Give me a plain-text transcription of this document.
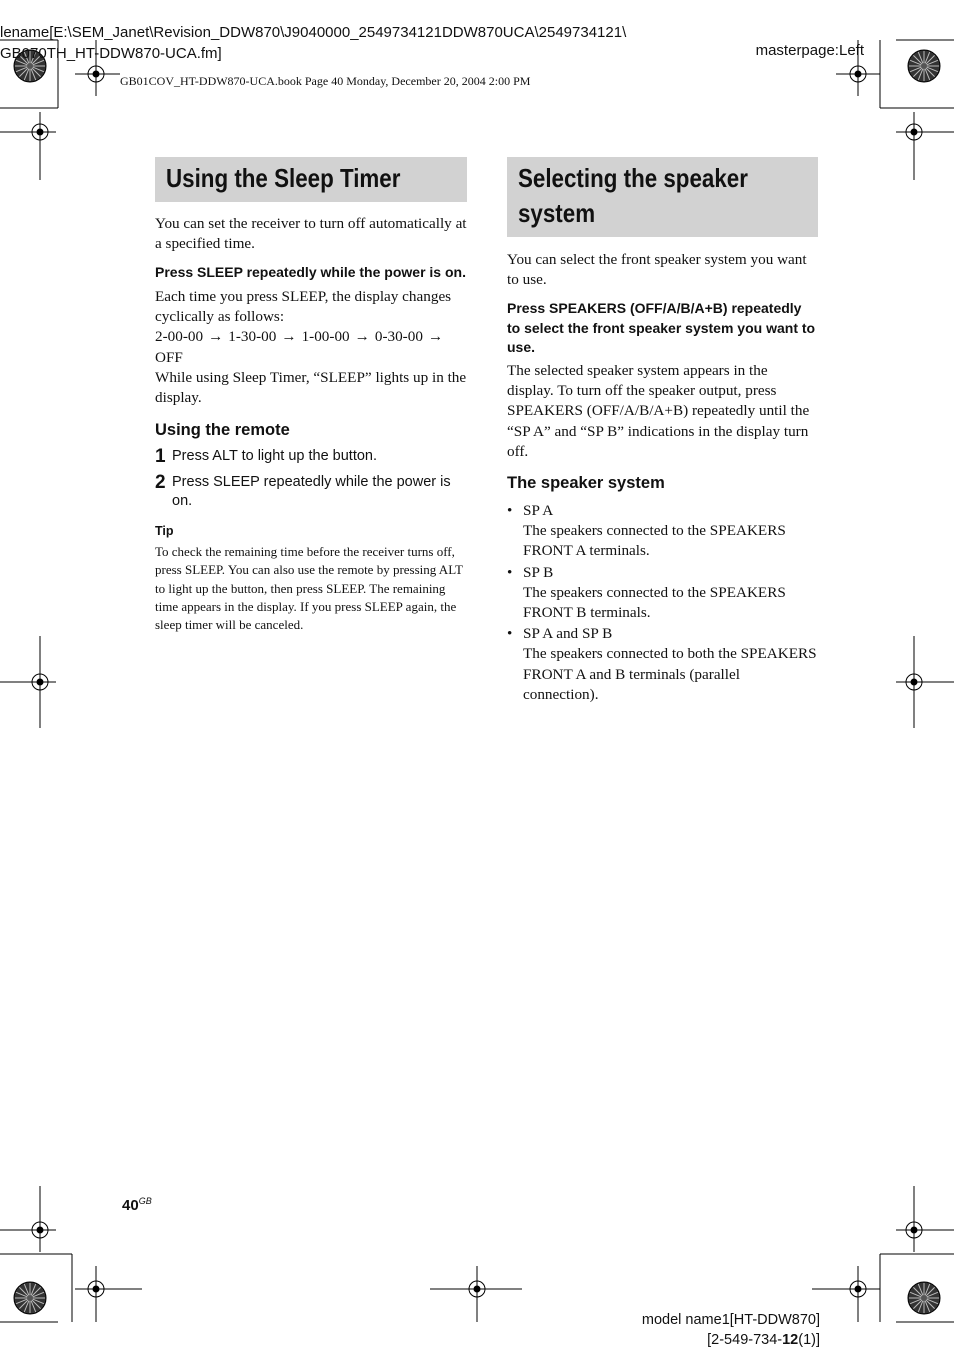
lename[E:\SEM_Janet\Revision_DDW870\J9040000_2549734121DDW870UCA\2549734121\
GB070TH_HT-DDW870-UCA.fm]	masterpage:Left
GB01COV_HT-DDW870-UCA.book Page 40 Monday, December 20, 2004 2:00 PM
Using the Sleep Timer

You can set the receiver to turn off automatically at a specified time.

Press SLEEP repeatedly while the power is on.

Each time you press SLEEP, the display changes cyclically as follows:

2-00-00 → 1-30-00 → 1-00-00 → 0-30-00 →
OFF

While using Sleep Timer, “SLEEP” lights up in the display.

Using the remote

1 Press ALT to light up the button.
2 Press SLEEP repeatedly while the power is on.

Tip

To check the remaining time before the receiver turns off, press SLEEP. You can also use the remote by pressing ALT to light up the button, then press SLEEP. The remaining time appears in the display. If you press SLEEP again, the sleep timer will be canceled.

Selecting the speaker
system

You can select the front speaker system you want to use.

Press SPEAKERS (OFF/A/B/A+B) repeatedly to select the front speaker system you want to use.

The selected speaker system appears in the display. To turn off the speaker output, press SPEAKERS (OFF/A/B/A+B) repeatedly until the “SP A” and “SP B” indications in the display turn off.

The speaker system

• SP A
The speakers connected to the SPEAKERS FRONT A terminals.
• SP B
The speakers connected to the SPEAKERS FRONT B terminals.
• SP A and SP B
The speakers connected to both the SPEAKERS FRONT A and B terminals (parallel connection).
$40^{GB}$
model name1[HT-DDW870]
[2-549-734-12(1)]
